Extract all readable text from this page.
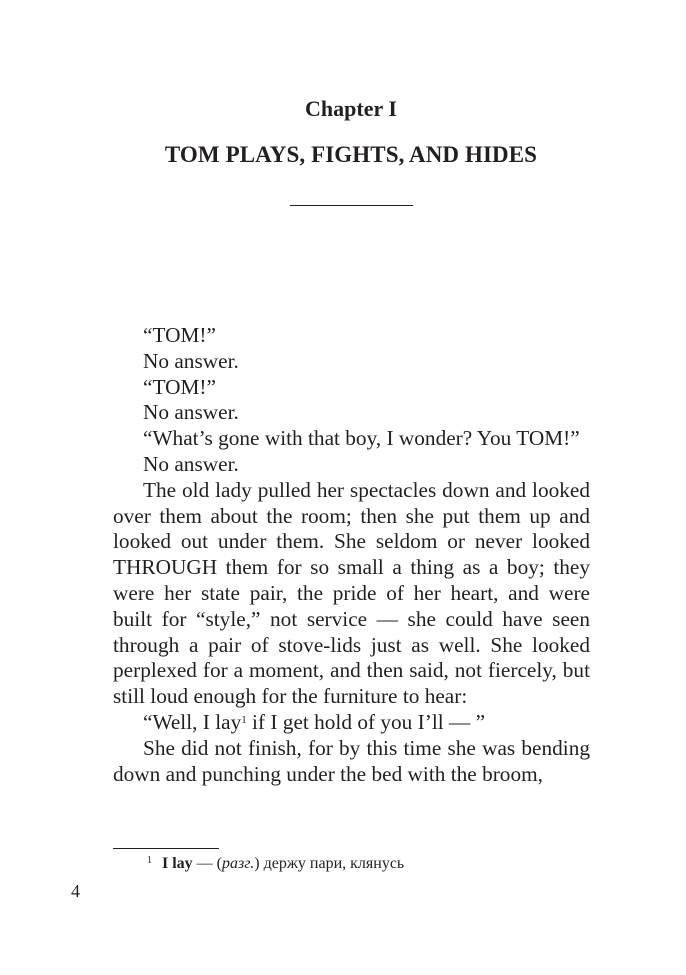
Chapter I
TOM PLAYS, FIGHTS, AND HIDES

“TOM!”

No answer.

“TOM!”

No answer.

“What’s gone with that boy, I wonder? You TOM!”

No answer.

The old lady pulled her spectacles down and looked over them about the room; then she put them up and looked out under them. She seldom or never looked THROUGH them for so small a thing as a boy; they were her state pair, the pride of her heart, and were built for “style,” not service — she could have seen through a pair of stove-lids just as well. She looked perplexed for a moment, and then said, not fiercely, but still loud enough for the furniture to hear:

“Well, I lay$^1$ if I get hold of you I’ll — ”

She did not finish, for by this time she was bending down and punching under the bed with the broom,

$^1$ I lay — (разг.) держу пари, клянусь
4
